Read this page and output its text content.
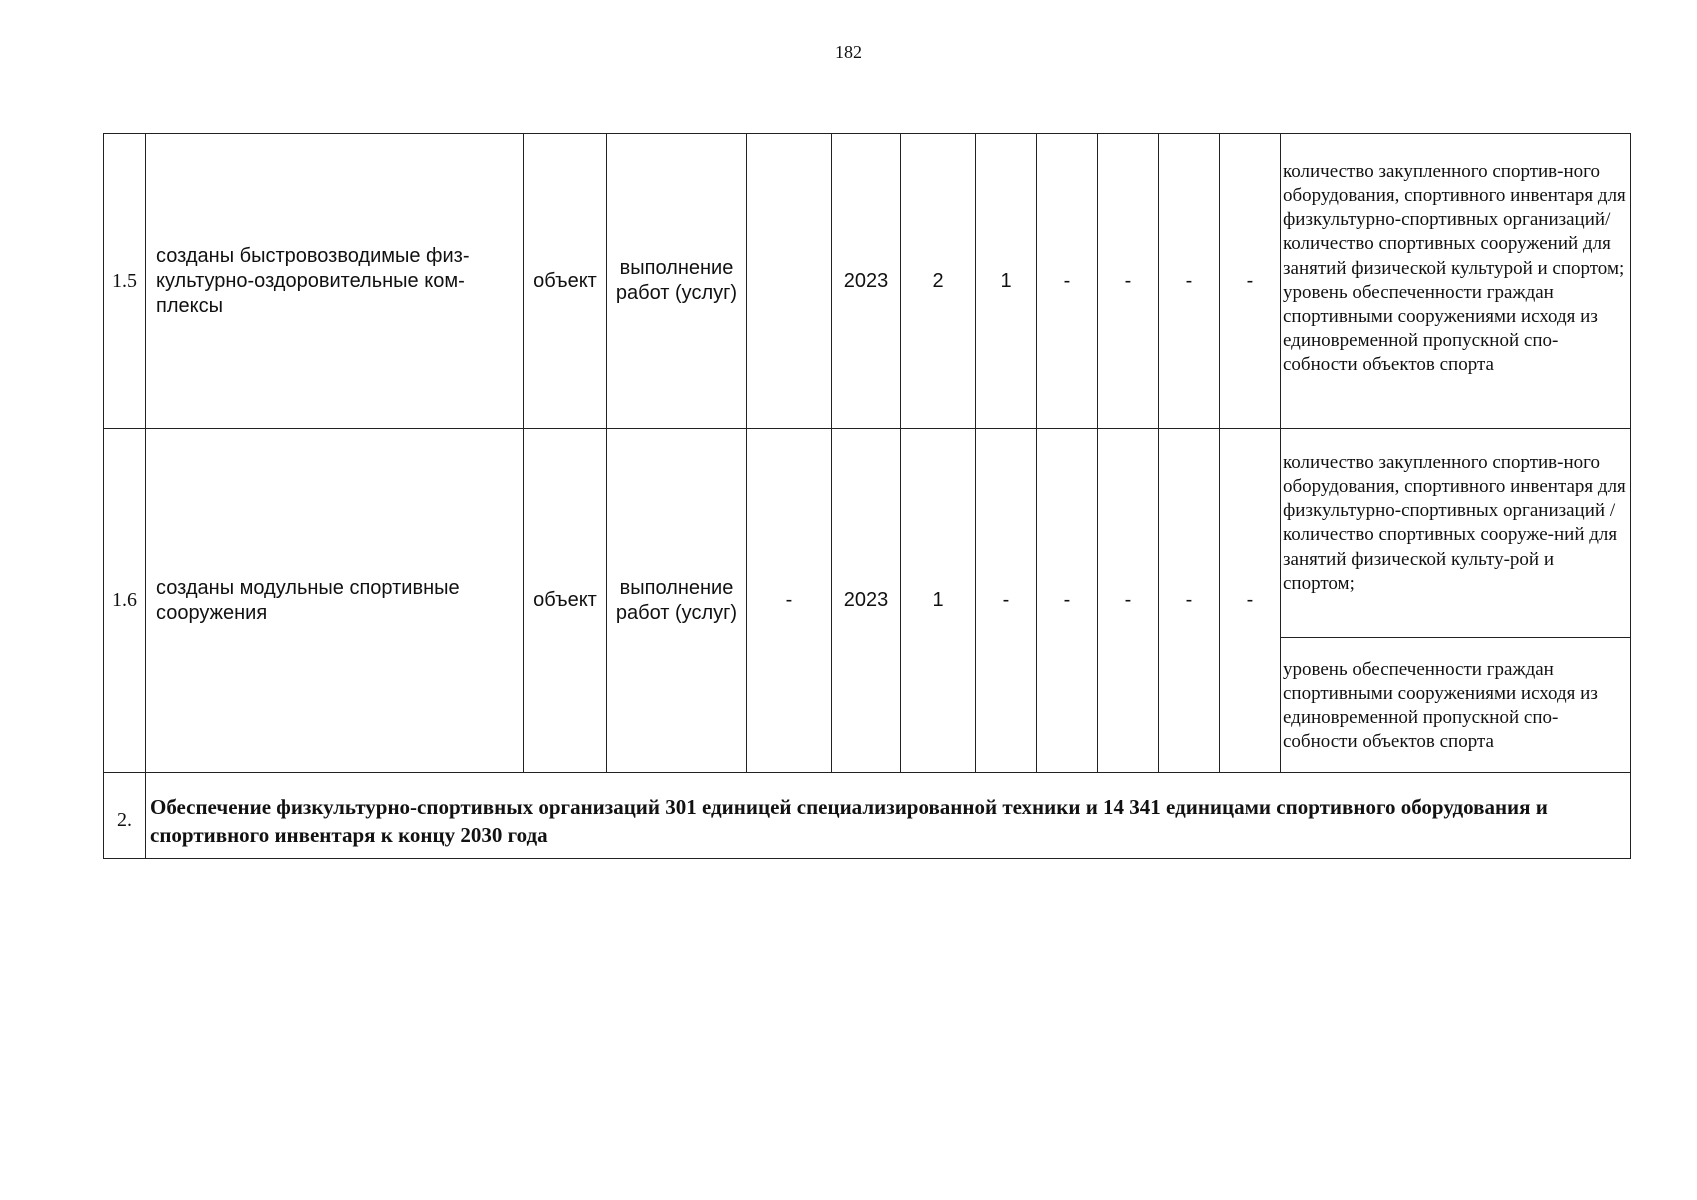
182
1.5	созданы быстровозводимые физ-культурно-оздоровительные ком-плексы	объект	выполнение работ (услуг)		2023	2	1	-	-	-	-	количество закупленного спортив-ного оборудования, спортивного инвентаря для физкультурно-спортивных организаций/количество спортивных сооружений для занятий физической культурой и спортом; уровень обеспеченности граждан спортивными сооружениями исходя из единовременной пропускной спо-собности объектов спорта
1.6	созданы модульные спортивные сооружения	объект	выполнение работ (услуг)	-	2023	1	-	-	-	-	-	количество закупленного спортив-ного оборудования, спортивного инвентаря для физкультурно-спортивных организаций /количество спортивных сооруже-ний для занятий физической культу-рой и спортом;
уровень обеспеченности граждан спортивными сооружениями исходя из единовременной пропускной спо-собности объектов спорта

2.	Обеспечение физкультурно-спортивных организаций 301 единицей специализированной техники и 14 341 единицами спортивного оборудования и спортивного инвентаря к концу 2030 года											
